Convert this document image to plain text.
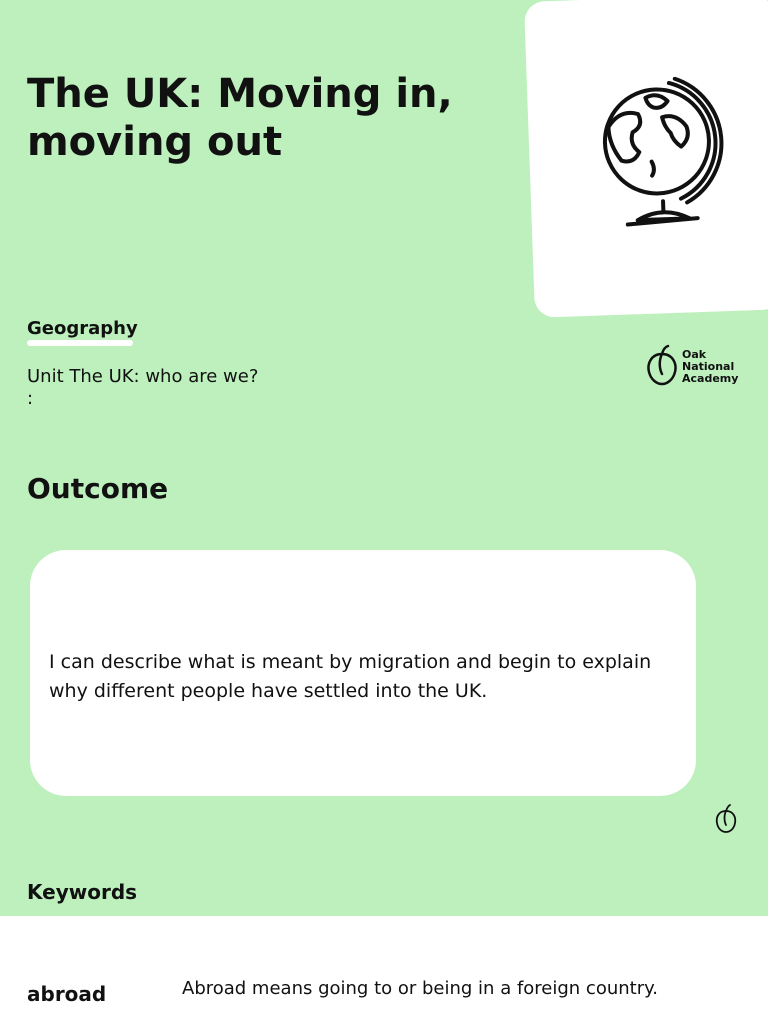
The UK: Moving in, moving out
Geography
Unit The UK: who are we?
:
Oak
National
Academy
Outcome
I can describe what is meant by migration and begin to explain why different people have settled into the UK.
Keywords
abroad	Abroad means going to or being in a foreign country.
